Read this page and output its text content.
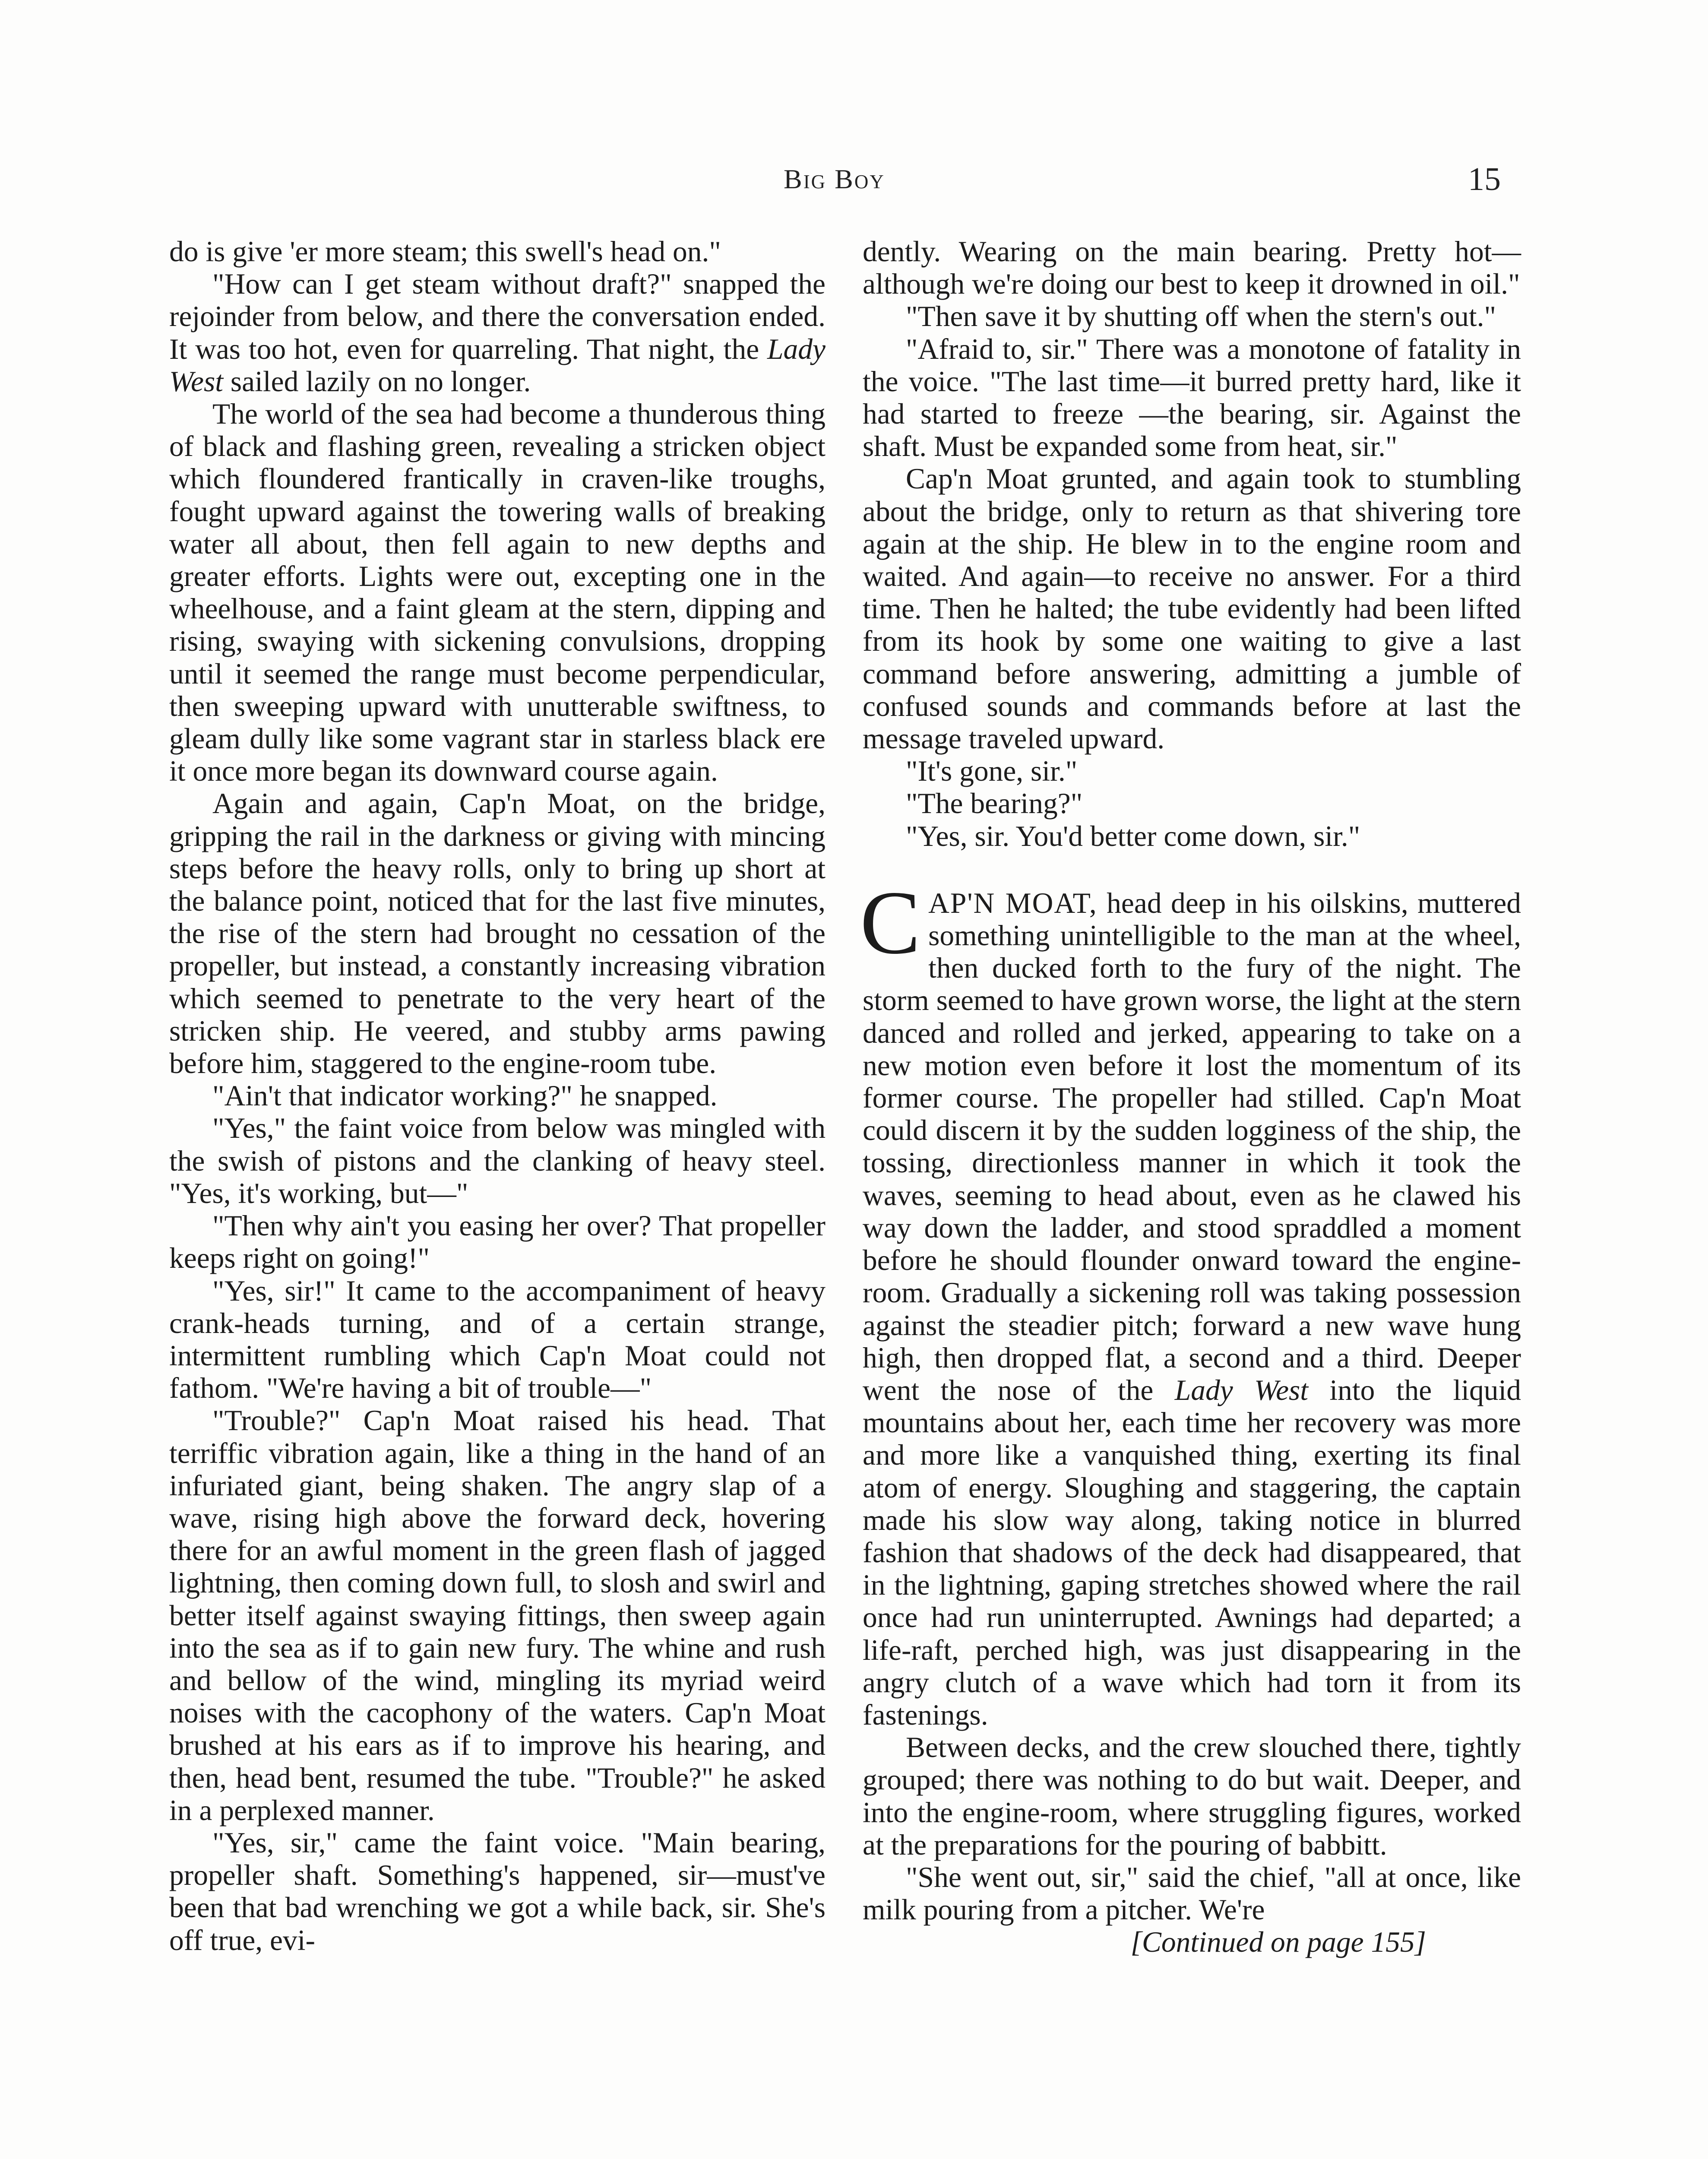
Big Boy	15

do is give 'er more steam; this swell's head on."

"How can I get steam without draft?" snapped the rejoinder from below, and there the conversation ended. It was too hot, even for quarreling. That night, the Lady West sailed lazily on no longer.

The world of the sea had become a thunderous thing of black and flashing green, revealing a stricken object which floundered frantically in craven-like troughs, fought upward against the towering walls of breaking water all about, then fell again to new depths and greater efforts. Lights were out, excepting one in the wheelhouse, and a faint gleam at the stern, dipping and rising, swaying with sickening convulsions, dropping until it seemed the range must become perpendicular, then sweeping upward with unutterable swiftness, to gleam dully like some vagrant star in starless black ere it once more began its downward course again.

Again and again, Cap'n Moat, on the bridge, gripping the rail in the darkness or giving with mincing steps before the heavy rolls, only to bring up short at the balance point, noticed that for the last five minutes, the rise of the stern had brought no cessation of the propeller, but instead, a constantly increasing vibration which seemed to penetrate to the very heart of the stricken ship. He veered, and stubby arms pawing before him, staggered to the engine-room tube.

"Ain't that indicator working?" he snapped.

"Yes," the faint voice from below was mingled with the swish of pistons and the clanking of heavy steel. "Yes, it's working, but—"

"Then why ain't you easing her over? That propeller keeps right on going!"

"Yes, sir!" It came to the accompaniment of heavy crank-heads turning, and of a certain strange, intermittent rumbling which Cap'n Moat could not fathom. "We're having a bit of trouble—"

"Trouble?" Cap'n Moat raised his head. That terriffic vibration again, like a thing in the hand of an infuriated giant, being shaken. The angry slap of a wave, rising high above the forward deck, hovering there for an awful moment in the green flash of jagged lightning, then coming down full, to slosh and swirl and better itself against swaying fittings, then sweep again into the sea as if to gain new fury. The whine and rush and bellow of the wind, mingling its myriad weird noises with the cacophony of the waters. Cap'n Moat brushed at his ears as if to improve his hearing, and then, head bent, resumed the tube. "Trouble?" he asked in a perplexed manner.

"Yes, sir," came the faint voice. "Main bearing, propeller shaft. Something's happened, sir—must've been that bad wrenching we got a while back, sir. She's off true, evi-

dently. Wearing on the main bearing. Pretty hot—although we're doing our best to keep it drowned in oil."

"Then save it by shutting off when the stern's out."

"Afraid to, sir." There was a monotone of fatality in the voice. "The last time—it burred pretty hard, like it had started to freeze —the bearing, sir. Against the shaft. Must be expanded some from heat, sir."

Cap'n Moat grunted, and again took to stumbling about the bridge, only to return as that shivering tore again at the ship. He blew in to the engine room and waited. And again—to receive no answer. For a third time. Then he halted; the tube evidently had been lifted from its hook by some one waiting to give a last command before answering, admitting a jumble of confused sounds and commands before at last the message traveled upward.

"It's gone, sir."

"The bearing?"

"Yes, sir. You'd better come down, sir."

CAP'N MOAT, head deep in his oilskins, muttered something unintelligible to the man at the wheel, then ducked forth to the fury of the night. The storm seemed to have grown worse, the light at the stern danced and rolled and jerked, appearing to take on a new motion even before it lost the momentum of its former course. The propeller had stilled. Cap'n Moat could discern it by the sudden logginess of the ship, the tossing, directionless manner in which it took the waves, seeming to head about, even as he clawed his way down the ladder, and stood spraddled a moment before he should flounder onward toward the engine-room. Gradually a sickening roll was taking possession against the steadier pitch; forward a new wave hung high, then dropped flat, a second and a third. Deeper went the nose of the Lady West into the liquid mountains about her, each time her recovery was more and more like a vanquished thing, exerting its final atom of energy. Sloughing and staggering, the captain made his slow way along, taking notice in blurred fashion that shadows of the deck had disappeared, that in the lightning, gaping stretches showed where the rail once had run uninterrupted. Awnings had departed; a life-raft, perched high, was just disappearing in the angry clutch of a wave which had torn it from its fastenings.

Between decks, and the crew slouched there, tightly grouped; there was nothing to do but wait. Deeper, and into the engine-room, where struggling figures, worked at the preparations for the pouring of babbitt.

"She went out, sir," said the chief, "all at once, like milk pouring from a pitcher. We're

[Continued on page 155]
